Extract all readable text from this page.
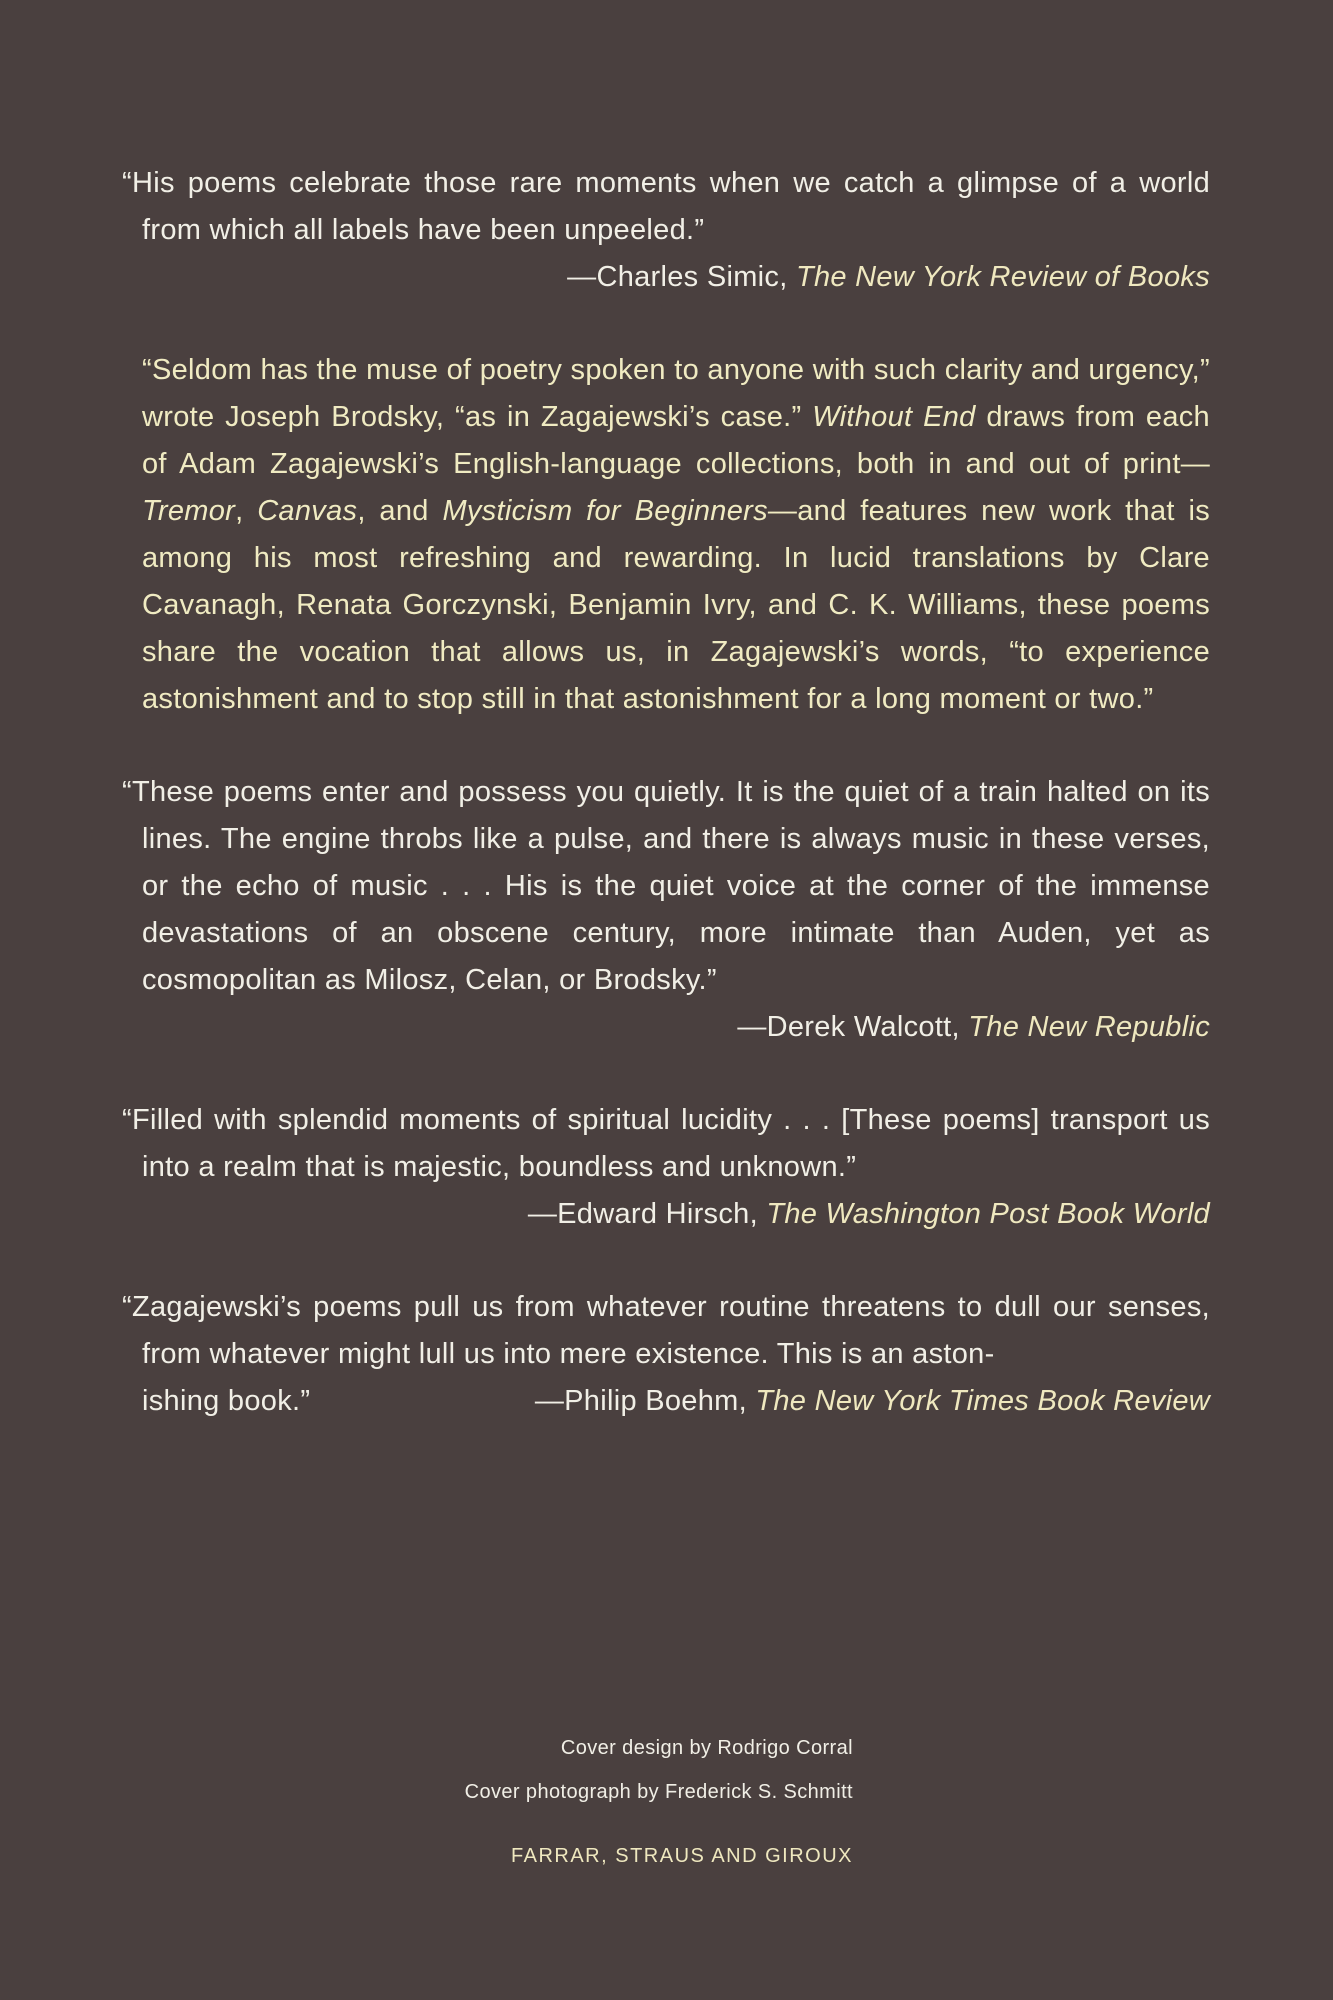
“His poems celebrate those rare moments when we catch a glimpse of a world from which all labels have been unpeeled.”
—Charles Simic, The New York Review of Books
“Seldom has the muse of poetry spoken to anyone with such clarity and urgency,” wrote Joseph Brodsky, “as in Zagajewski’s case.” Without End draws from each of Adam Zagajewski’s English-language collections, both in and out of print—Tremor, Canvas, and Mysticism for Beginners—and features new work that is among his most refreshing and rewarding. In lucid translations by Clare Cavanagh, Renata Gorczynski, Benjamin Ivry, and C. K. Williams, these poems share the vocation that allows us, in Zagajewski’s words, “to experience astonishment and to stop still in that astonishment for a long moment or two.”
“These poems enter and possess you quietly. It is the quiet of a train halted on its lines. The engine throbs like a pulse, and there is always music in these verses, or the echo of music . . . His is the quiet voice at the corner of the immense devastations of an obscene century, more intimate than Auden, yet as cosmopolitan as Milosz, Celan, or Brodsky.”
—Derek Walcott, The New Republic
“Filled with splendid moments of spiritual lucidity . . . [These poems] transport us into a realm that is majestic, boundless and unknown.”
—Edward Hirsch, The Washington Post Book World
“Zagajewski’s poems pull us from whatever routine threatens to dull our senses, from whatever might lull us into mere existence. This is an aston-
ishing book.”	—Philip Boehm, The New York Times Book Review
Cover design by Rodrigo Corral
Cover photograph by Frederick S. Schmitt
FARRAR, STRAUS AND GIROUX
